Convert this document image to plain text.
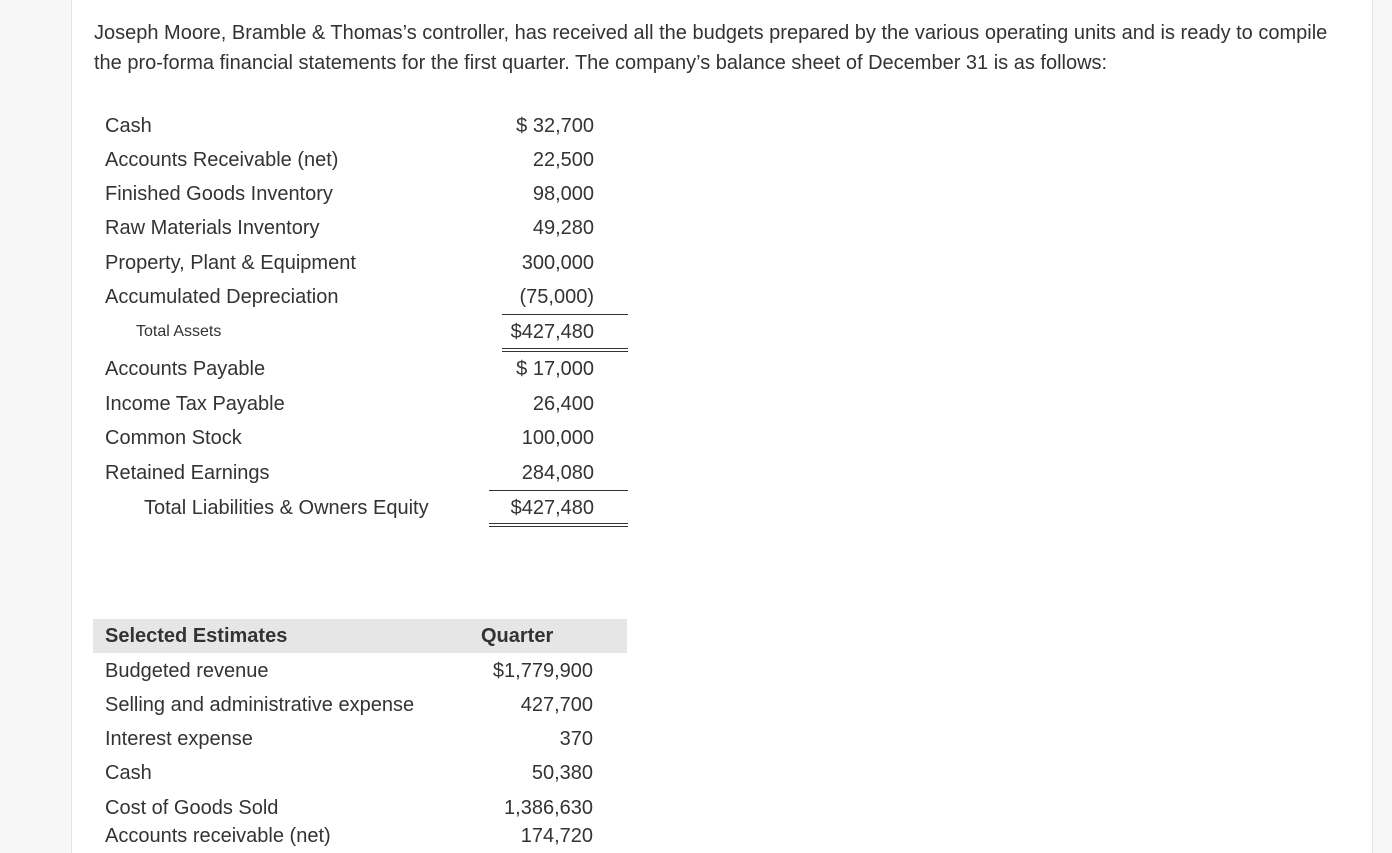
Joseph Moore, Bramble & Thomas’s controller, has received all the budgets prepared by the various operating units and is ready to compile the pro-forma financial statements for the first quarter. The company’s balance sheet of December 31 is as follows:

Cash	$ 32,700
Accounts Receivable (net)	22,500
Finished Goods Inventory	98,000
Raw Materials Inventory	49,280
Property, Plant & Equipment	300,000
Accumulated Depreciation	(75,000)
Total Assets	$427,480
Accounts Payable	$ 17,000
Income Tax Payable	26,400
Common Stock	100,000
Retained Earnings	284,080
Total Liabilities & Owners Equity	$427,480
Selected Estimates	Quarter
Budgeted revenue	$1,779,900
Selling and administrative expense	427,700
Interest expense	370
Cash	50,380
Cost of Goods Sold	1,386,630
Accounts receivable (net)	174,720
